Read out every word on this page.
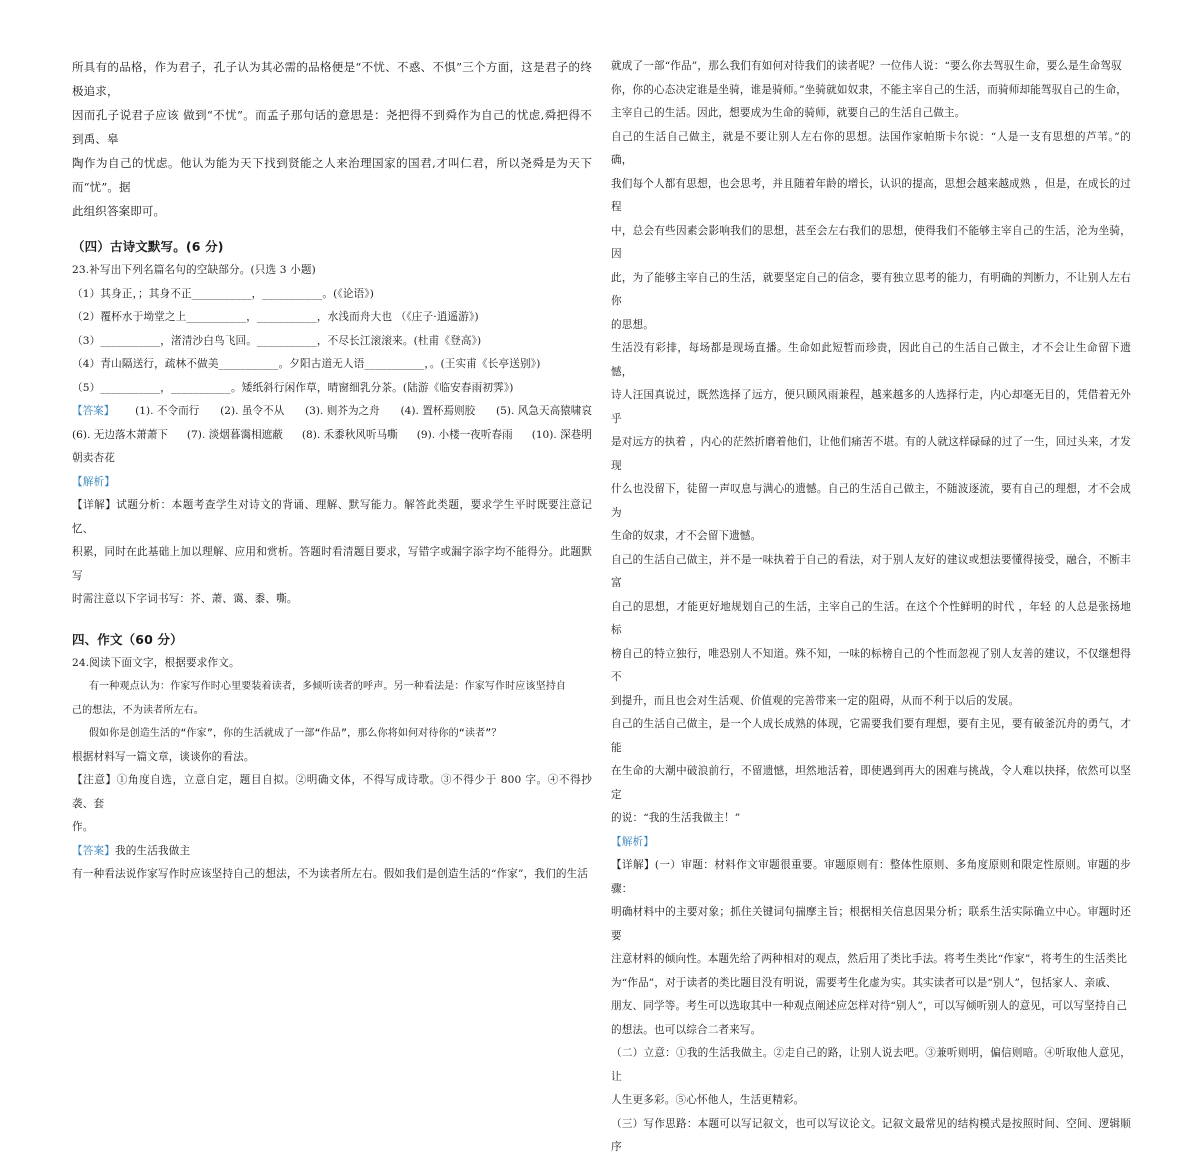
所具有的品格，作为君子，孔子认为其必需的品格便是“不忧、不惑、不惧”三个方面，这是君子的终极追求，

因而孔子说君子应该 做到“不忧”。而孟子那句话的意思是：尧把得不到舜作为自己的忧虑,舜把得不到禹、皋

陶作为自己的忧虑。他认为能为天下找到贤能之人来治理国家的国君,才叫仁君，所以尧舜是为天下而“忧”。据

此组织答案即可。

（四）古诗文默写。(6 分)

23.补写出下列名篇名句的空缺部分。(只选 3 小题)

（1）其身正，；其身不正___________，___________。(《论语》)

（2）覆杯水于坳堂之上___________，___________，水浅而舟大也 （《庄子·逍遥游》)

（3）___________，渚清沙白鸟飞回。___________，不尽长江滚滚来。(杜甫《登高》)

（4）青山隔送行，疏林不做美___________。夕阳古道无人语___________，。(王实甫《长亭送别》)

（5）___________，___________。矮纸斜行闲作草，晴窗细乳分茶。(陆游《临安春雨初霁》)

【答案】 (1). 不令而行 (2). 虽令不从 (3). 则芥为之舟 (4). 置杯焉则胶 (5). 风急天高猿啸哀
(6). 无边落木萧萧下 (7). 淡烟暮霭相遮蔽 (8). 禾黍秋风听马嘶 (9). 小楼一夜听春雨 (10). 深巷明

朝卖杏花

【解析】

【详解】试题分析：本题考查学生对诗文的背诵、理解、默写能力。解答此类题，要求学生平时既要注意记忆、

积累，同时在此基础上加以理解、应用和赏析。答题时看清题目要求，写错字或漏字添字均不能得分。此题默写

时需注意以下字词书写：芥、萧、霭、黍、嘶。

四、作文（60 分）

24.阅读下面文字，根据要求作文。

有一种观点认为：作家写作时心里要装着读者，多倾听读者的呼声。另一种看法是：作家写作时应该坚持自

己的想法，不为读者所左右。

假如你是创造生活的“作家”，你的生活就成了一部“作品”，那么你将如何对待你的“读者”？

根据材料写一篇文章，谈谈你的看法。

【注意】①角度自选，立意自定，题目自拟。②明确文体，不得写成诗歌。③不得少于 800 字。④不得抄袭、套

作。

【答案】我的生活我做主

有一种看法说作家写作时应该坚持自己的想法，不为读者所左右。假如我们是创造生活的“作家”，我们的生活

就成了一部“作品”，那么我们有如何对待我们的读者呢？一位伟人说：“要么你去驾驭生命，要么是生命驾驭

你，你的心态决定谁是坐骑，谁是骑师。”坐骑就如奴隶，不能主宰自己的生活，而骑师却能驾驭自己的生命，

主宰自己的生活。因此，想要成为生命的骑师，就要自己的生活自己做主。

自己的生活自己做主，就是不要让别人左右你的思想。法国作家帕斯卡尔说：“人是一支有思想的芦苇。”的确，

我们每个人都有思想，也会思考，并且随着年龄的增长，认识的提高，思想会越来越成熟 ，但是，在成长的过程

中，总会有些因素会影响我们的思想，甚至会左右我们的思想，使得我们不能够主宰自己的生活，沦为坐骑，因

此，为了能够主宰自己的生活，就要坚定自己的信念，要有独立思考的能力，有明确的判断力，不让别人左右你

的思想。

生活没有彩排，每场都是现场直播。生命如此短暂而珍贵，因此自己的生活自己做主，才不会让生命留下遗憾，

诗人汪国真说过，既然选择了远方，便只顾风雨兼程，越来越多的人选择行走，内心却毫无目的，凭借着无外乎

是对远方的执着 ，内心的茫然折磨着他们，让他们痛苦不堪。有的人就这样碌碌的过了一生，回过头来，才发现

什么也没留下，徒留一声叹息与满心的遗憾。自己的生活自己做主，不随波逐流，要有自己的理想，才不会成为

生命的奴隶，才不会留下遗憾。

自己的生活自己做主，并不是一味执着于自己的看法，对于别人友好的建议或想法要懂得接受，融合，不断丰富

自己的思想，才能更好地规划自己的生活，主宰自己的生活。在这个个性鲜明的时代 ，年轻 的人总是张扬地标

榜自己的特立独行，唯恐别人不知道。殊不知，一味的标榜自己的个性而忽视了别人友善的建议，不仅继想得不

到提升，而且也会对生活观、价值观的完善带来一定的阻碍，从而不利于以后的发展。

自己的生活自己做主，是一个人成长成熟的体现，它需要我们要有理想，要有主见，要有破釜沉舟的勇气，才能

在生命的大潮中破浪前行，不留遗憾，坦然地活着，即使遇到再大的困难与挑战，令人难以抉择，依然可以坚定

的说：“我的生活我做主！”

【解析】

【详解】(一）审题：材料作文审题很重要。审题原则有：整体性原则、多角度原则和限定性原则。审题的步骤：

明确材料中的主要对象；抓住关键词句揣摩主旨；根据相关信息因果分析；联系生活实际确立中心。审题时还要

注意材料的倾向性。本题先给了两种相对的观点，然后用了类比手法。将考生类比“作家”，将考生的生活类比

为“作品”，对于读者的类比题目没有明说，需要考生化虚为实。其实读者可以是“别人”，包括家人、亲戚、

朋友、同学等。考生可以选取其中一种观点阐述应怎样对待“别人”，可以写倾听别人的意见，可以写坚持自己

的想法。也可以综合二者来写。

（二）立意：①我的生活我做主。②走自己的路，让别人说去吧。③兼听则明，偏信则暗。④听取他人意见，让

人生更多彩。⑤心怀他人，生活更精彩。

（三）写作思路：本题可以写记叙文，也可以写议论文。记叙文最常见的结构模式是按照时间、空间、逻辑顺序
